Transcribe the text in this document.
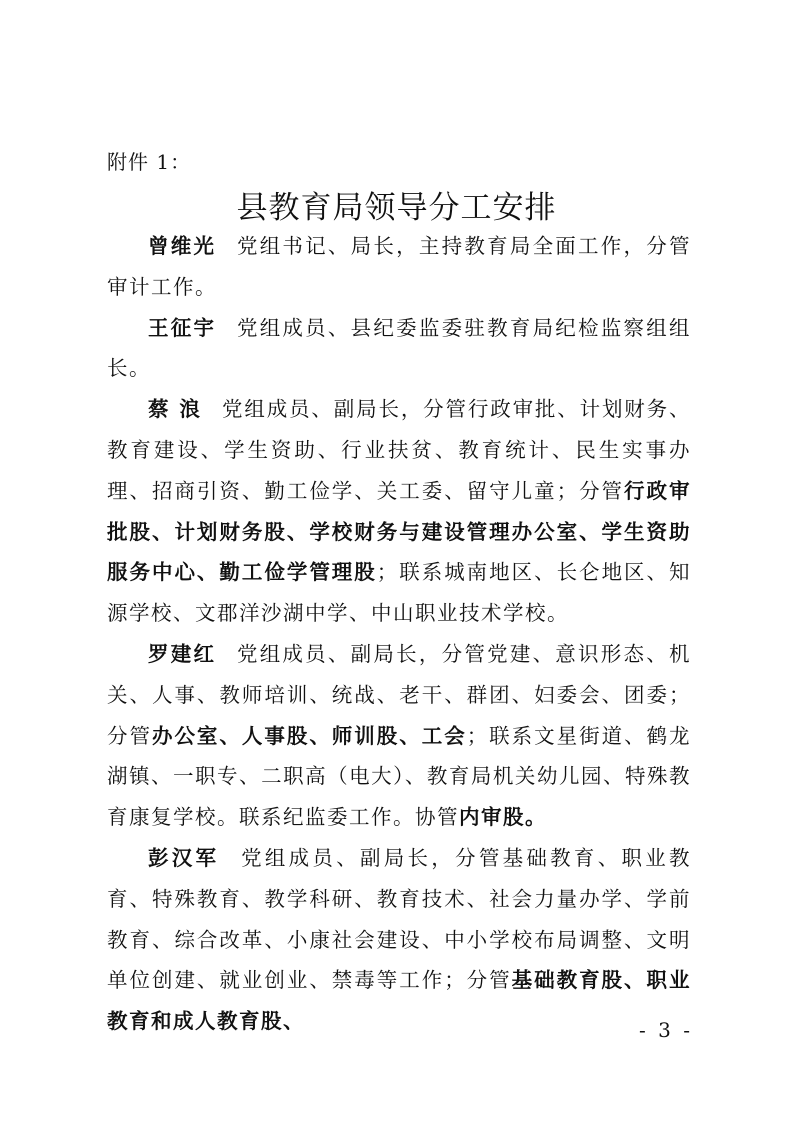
附件 1：
县教育局领导分工安排

曾维光 党组书记、局长，主持教育局全面工作，分管审计工作。

王征宇 党组成员、县纪委监委驻教育局纪检监察组组长。

蔡 浪 党组成员、副局长，分管行政审批、计划财务、教育建设、学生资助、行业扶贫、教育统计、民生实事办理、招商引资、勤工俭学、关工委、留守儿童；分管行政审批股、计划财务股、学校财务与建设管理办公室、学生资助服务中心、勤工俭学管理股；联系城南地区、长仑地区、知源学校、文郡洋沙湖中学、中山职业技术学校。

罗建红 党组成员、副局长，分管党建、意识形态、机关、人事、教师培训、统战、老干、群团、妇委会、团委；分管办公室、人事股、师训股、工会；联系文星街道、鹤龙湖镇、一职专、二职高（电大）、教育局机关幼儿园、特殊教育康复学校。联系纪监委工作。协管内审股。

彭汉军 党组成员、副局长，分管基础教育、职业教育、特殊教育、教学科研、教育技术、社会力量办学、学前教育、综合改革、小康社会建设、中小学校布局调整、文明单位创建、就业创业、禁毒等工作；分管基础教育股、职业教育和成人教育股、	- 3 -
